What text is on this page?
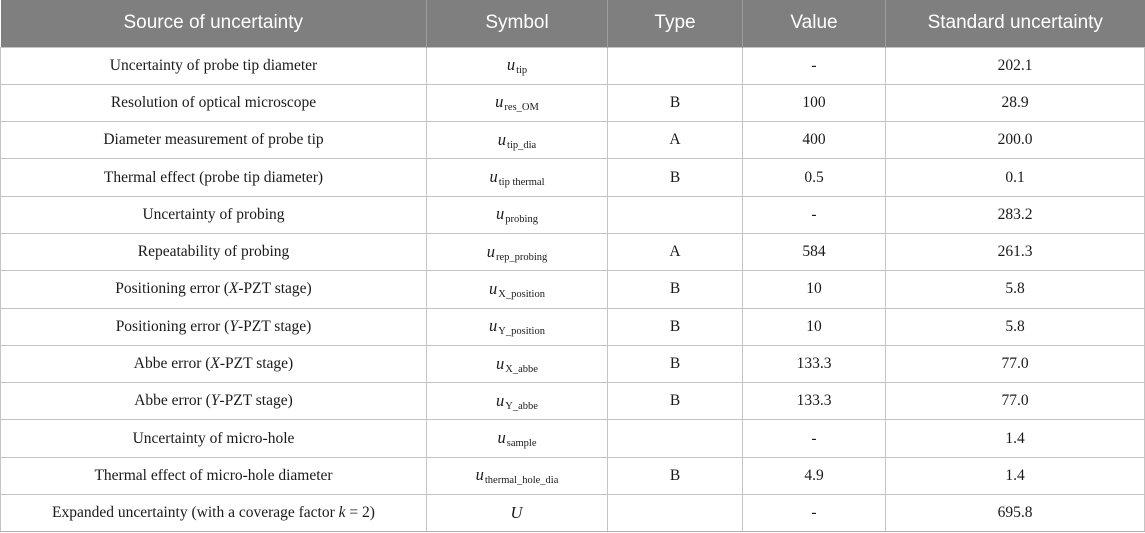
Source of uncertainty	Symbol	Type	Value	Standard uncertainty
Uncertainty of probe tip diameter	$u_{tip}$		-	202.1
Resolution of optical microscope	$u_{res\_OM}$	B	100	28.9
Diameter measurement of probe tip	$u_{tip\_dia}$	A	400	200.0
Thermal effect (probe tip diameter)	$u_{tip thermal}$	B	0.5	0.1
Uncertainty of probing	$u_{probing}$		-	283.2
Repeatability of probing	$u_{rep\_probing}$	A	584	261.3
Positioning error (X-PZT stage)	$u_{X\_position}$	B	10	5.8
Positioning error (Y-PZT stage)	$u_{Y\_position}$	B	10	5.8
Abbe error (X-PZT stage)	$u_{X\_abbe}$	B	133.3	77.0
Abbe error (Y-PZT stage)	$u_{Y\_abbe}$	B	133.3	77.0
Uncertainty of micro-hole	$u_{sample}$		-	1.4
Thermal effect of micro-hole diameter	$u_{thermal\_hole\_dia}$	B	4.9	1.4
Expanded uncertainty (with a coverage factor k = 2)	U		-	695.8
